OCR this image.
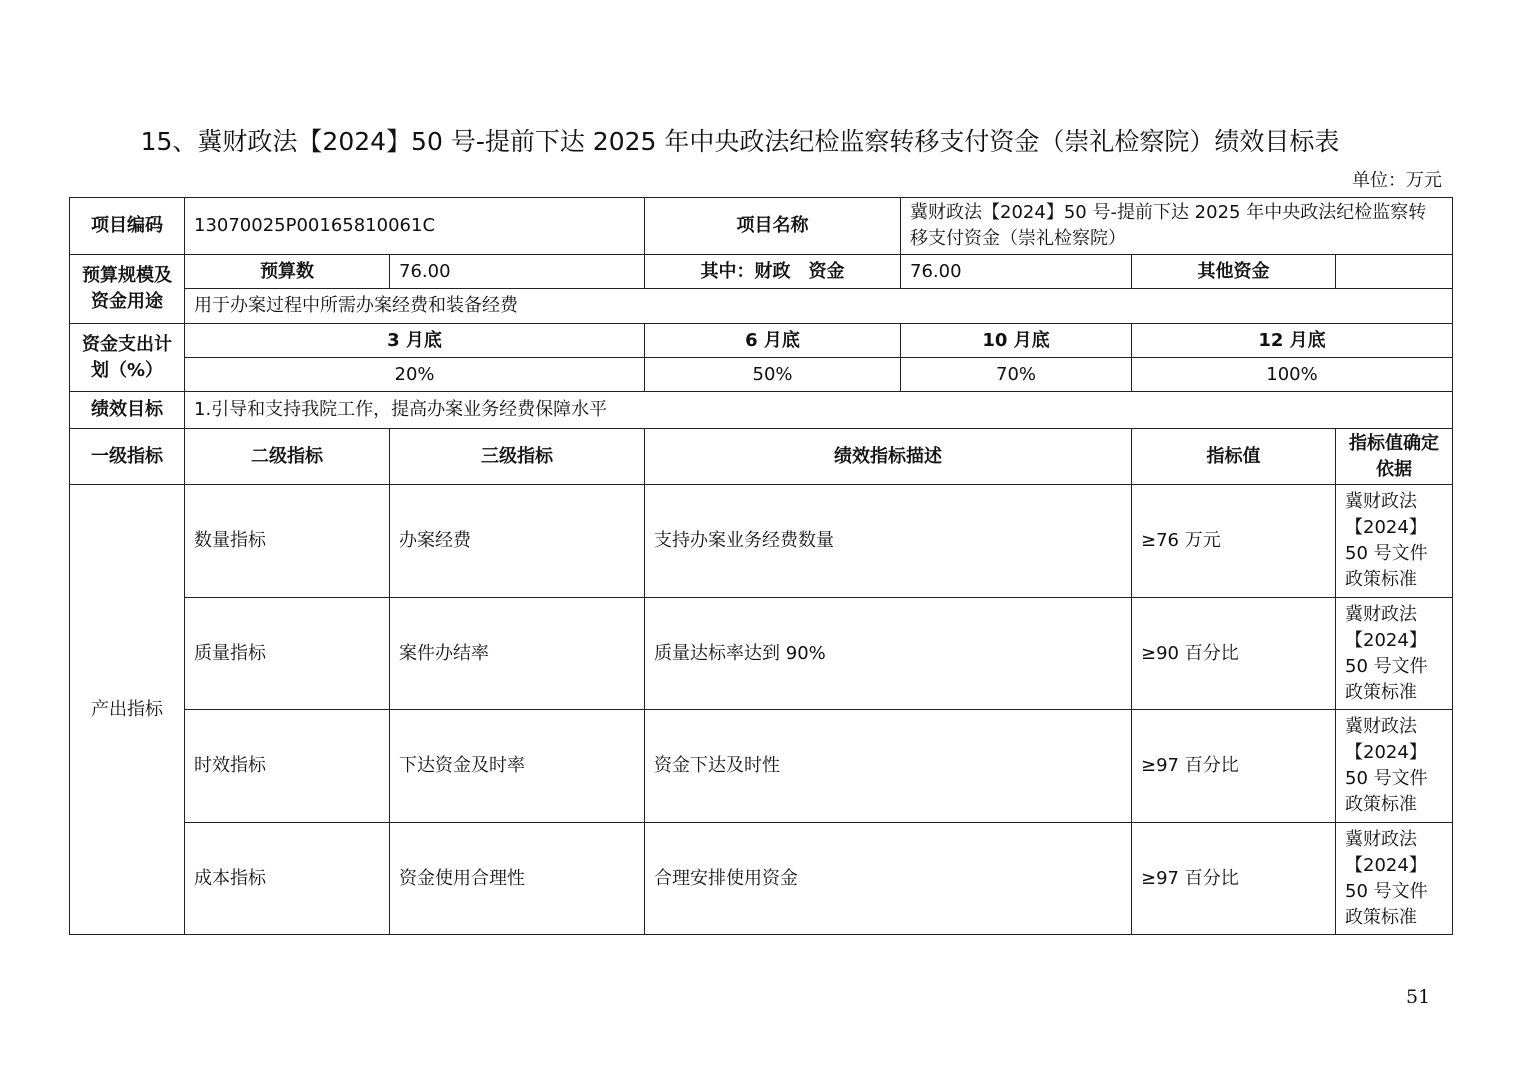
15、冀财政法【2024】50 号-提前下达 2025 年中央政法纪检监察转移支付资金（崇礼检察院）绩效目标表
单位：万元
项目编码	13070025P00165810061C		项目名称	冀财政法【2024】50 号-提前下达 2025 年中央政法纪检监察转移支付资金（崇礼检察院）		
预算规模及资金用途	预算数	76.00	其中：财政　资金	76.00	其他资金	
	用于办案过程中所需办案经费和装备经费					
资金支出计划（%）	3 月底		6 月底	10 月底	12 月底	
	20%		50%	70%	100%	
绩效目标	1.引导和支持我院工作，提高办案业务经费保障水平					
一级指标	二级指标	三级指标	绩效指标描述		指标值	指标值确定依据
产出指标	数量指标	办案经费	支持办案业务经费数量		≥76 万元	冀财政法【2024】50 号文件政策标准
	质量指标	案件办结率	质量达标率达到 90%		≥90 百分比	冀财政法【2024】50 号文件政策标准
	时效指标	下达资金及时率	资金下达及时性		≥97 百分比	冀财政法【2024】50 号文件政策标准
	成本指标	资金使用合理性	合理安排使用资金		≥97 百分比	冀财政法【2024】50 号文件政策标准
51
